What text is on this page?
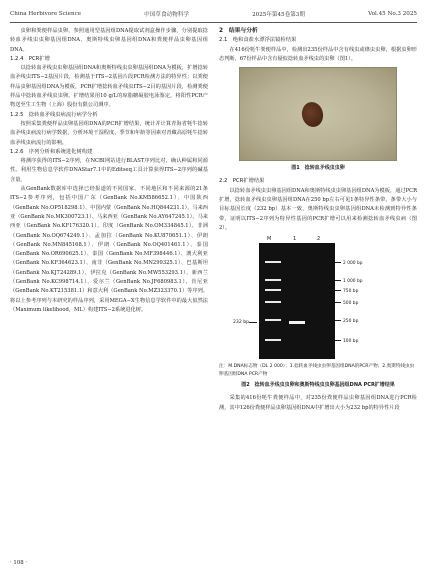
China Herbivore Science	中国草食动物科学	2025年第45卷第3期	Vol.45 No.3 2025

虫卵和粪便样品虫卵，参照通用型基因组DNA提取试剂盒操作步骤，分别提取捻转血矛线虫虫卵基因组DNA、奥斯特线虫卵基因组DNA和粪便样品虫卵基因组DNA。

1.2.4　PCR扩增

以捻转血矛线虫虫卵基因组DNA和奥斯特线虫虫卵基因组DNA为模板，扩增捻转血矛线虫ITS−2基因片段，检测基于ITS−2基因片段PCR检测方法的特异性；以粪便样品虫卵基因组DNA为模板，PCR扩增捻转血矛线虫ITS−2目的基因片段，检测粪便样品中捻转血矛线虫虫卵。扩增结果用10 g/L的琼脂糖凝胶电泳鉴定，将阳性PCR产物送至生工生物（上海）股份有限公司测序。

1.2.5　捻转血矛线虫病流行病学分析

按照采集粪便样品虫卵基因组DNA的PCR扩增结果，统计并计算青海省牦牛捻转血矛线虫病流行病学数据，分析环境干湿程度、季节和年龄等因素对青藏高原牦牛捻转血矛线虫病流行的影响。

1.2.6　序列分析和系统进化树构建

将测序获得的ITS−2序列，在NCBI网站进行BLAST序列比对，确认种属和同源性。利用生物信息学软件DNAStar7.1中的Editseq工具计算获得ITS−2序列的碱基含量。

从GenBank数据库中选择已经报道的不同国家、不同地区和不同来源的21条ITS−2参考序列，包括中国广东（GenBank No.KM586652.1）、中国陕西（GenBank No.OP518298.1）、中国内蒙（GenBank No.HQ844231.1）、马来西亚（GenBank No.MK300723.1）、马来西亚（GenBank No.AY647245.1）、马来西亚（GenBank No.KF176320.1）、印度（GenBank No.OM334845.1）、非洲（GenBank No.OQ674249.1）、孟加拉（GenBank No.KU870651.1）、伊朗（GenBank No.MN845168.1）、伊朗（GenBank No.OQ401461.1）、泰国（GenBank No.OR690625.1）、泰国（GenBank No.MF398446.1）、澳大利亚（GenBank No.KF364623.1）、南非（GenBank No.MN299325.1）、巴基斯坦（GenBank No.KJ724289.1）、伊拉克（GenBank No.MW553293.1）、新西兰（GenBank No.KC998714.1）、爱尔兰（GenBank No.JF680983.1）、肯尼亚（GenBank No.KT215381.1）和意大利（GenBank No.MZ323370.1）等序列。将以上参考序列与本研究的样品序列，采用MEGA−X生物信息学软件中的最大似然法（Maximum likelihood，ML）构建ITS−2系统进化树。

2　结果与分析

2.1　绝和食盐水漂浮法镜检结果

在416份牦牛粪便样品中，检测出235份样品中含有线虫或绦虫虫卵，根据虫卵形态判断，67份样品中含有疑似捻转血矛线虫的虫卵（图1）。

图1　捻转血矛线虫虫卵

2.2　PCR扩增结果

以捻转血矛线虫虫卵基因组DNA和奥斯特线虫虫卵基因组DNA为模板，通过PCR扩增，捻转血矛线虫虫卵基因组DNA在250 bp左右可见1条特异性条带，条带大小与目标基因长度（232 bp）基本一致，奥斯特线虫虫卵基因组DNA未检测到特异性条带，证明以ITS−2序列为特异性基因的PCR扩增可以用来检测捻转血矛线虫病（图2）。

M	1	2
232 bp
2 000 bp
1 000 bp
750 bp
500 bp
250 bp
100 bp

注：M.DNA标志物（DL 2 000）；1.捻转血矛线虫虫卵基因组DNA的PCR产物；2.奥斯特线虫虫卵基因组DNA PCR产物

图2　捻转血矛线虫虫卵和奥斯特线虫虫卵基因组DNA PCR扩增结果

采集的416份牦牛粪便样品中，对235份粪便样品虫卵基因组DNA进行PCR检测，其中126份粪便样品虫卵基因组DNA中扩增出大小为232 bp的特异性片段

· 108 ·
